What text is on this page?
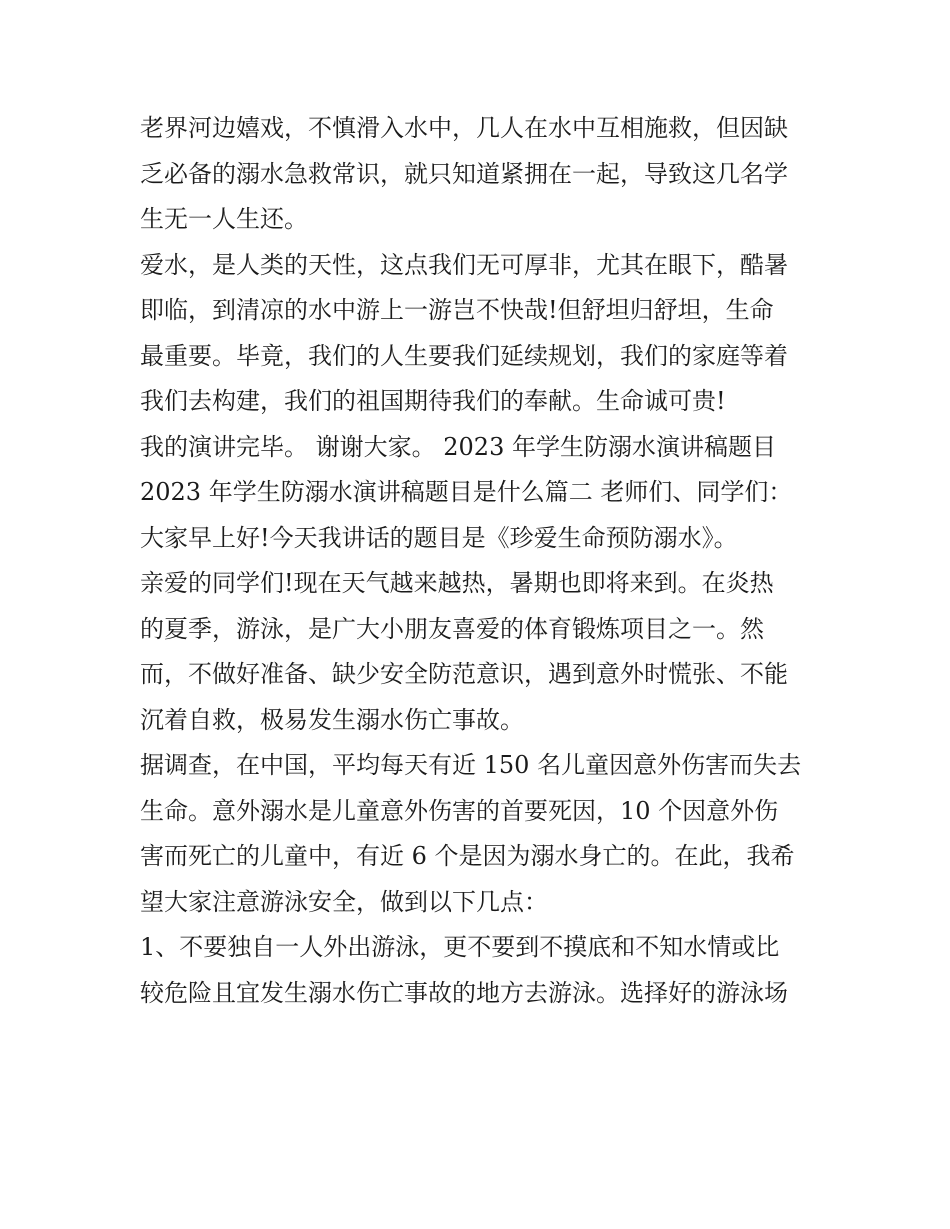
老界河边嬉戏，不慎滑入水中，几人在水中互相施救，但因缺
乏必备的溺水急救常识，就只知道紧拥在一起，导致这几名学
生无一人生还。
爱水，是人类的天性，这点我们无可厚非，尤其在眼下，酷暑
即临，到清凉的水中游上一游岂不快哉!但舒坦归舒坦，生命
最重要。毕竟，我们的人生要我们延续规划，我们的家庭等着
我们去构建，我们的祖国期待我们的奉献。生命诚可贵!
我的演讲完毕。 谢谢大家。 2023 年学生防溺水演讲稿题目
2023 年学生防溺水演讲稿题目是什么篇二 老师们、同学们：
大家早上好!今天我讲话的题目是《珍爱生命预防溺水》。
亲爱的同学们!现在天气越来越热，暑期也即将来到。在炎热
的夏季，游泳，是广大小朋友喜爱的体育锻炼项目之一。然
而，不做好准备、缺少安全防范意识，遇到意外时慌张、不能
沉着自救，极易发生溺水伤亡事故。
据调查，在中国，平均每天有近 150 名儿童因意外伤害而失去
生命。意外溺水是儿童意外伤害的首要死因，10 个因意外伤
害而死亡的儿童中，有近 6 个是因为溺水身亡的。在此，我希
望大家注意游泳安全，做到以下几点：
1、不要独自一人外出游泳，更不要到不摸底和不知水情或比
较危险且宜发生溺水伤亡事故的地方去游泳。选择好的游泳场
